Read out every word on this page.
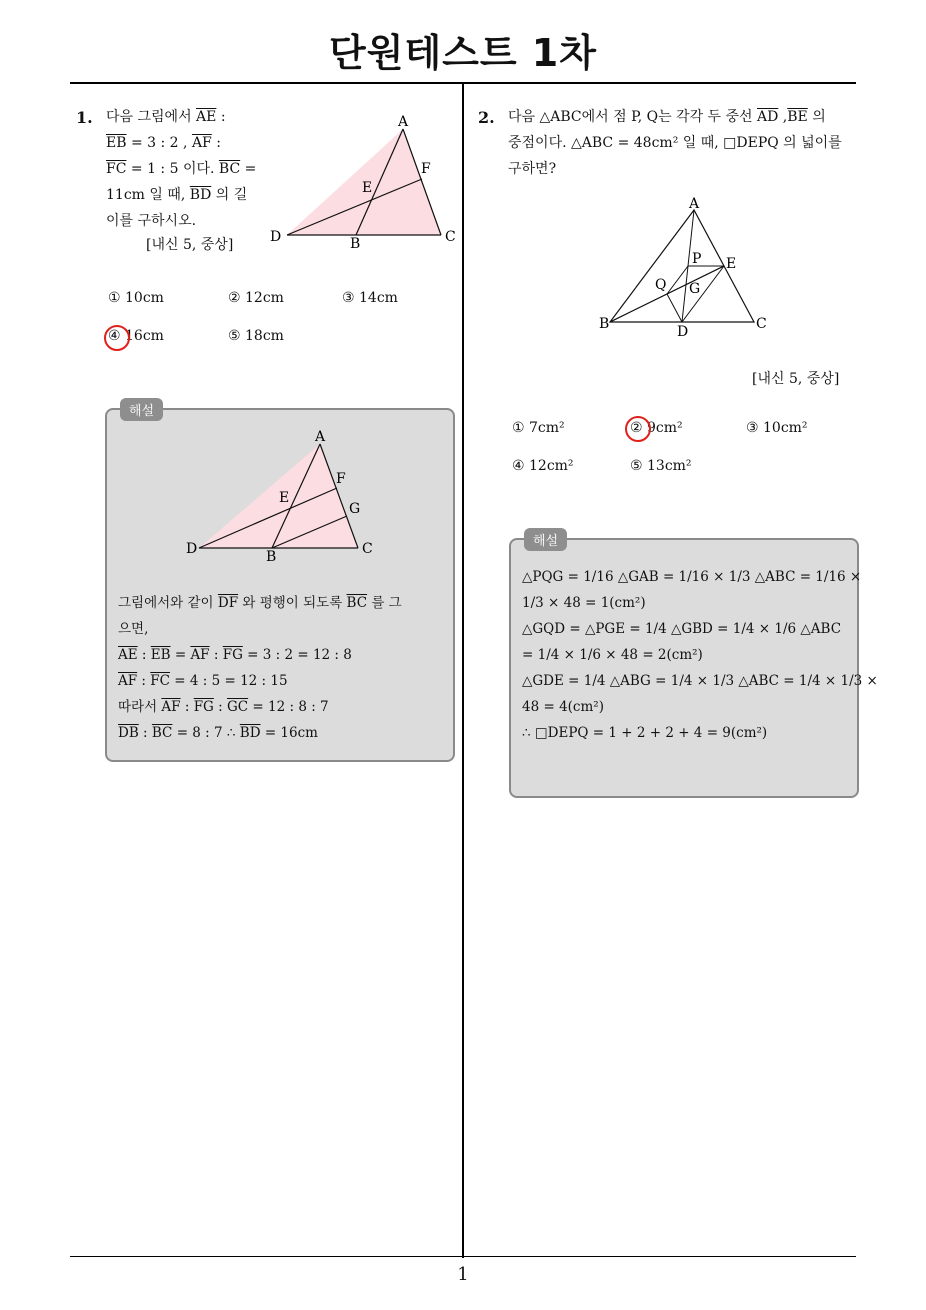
단원테스트 1차
1
1. 다음 그림에서 $\overline{AE}$ :
$\overline{EB} = 3$ : 2 , $\overline{AF}$ :
$\overline{FC} = 1$ : 5 이다. $\overline{BC}$ =
11cm 일 때, $\overline{BD}$ 의 길
이를 구하시오.
[내신 5, 중상]
A
F
E
D	B	C
① 10cm	② 12cm	③ 14cm
④ 16cm	⑤ 18cm
해설
A
F
E
G
D	B	C
그림에서와 같이 $\overline{DF}$ 와 평행이 되도록 $\overline{BC}$ 를 그
으면,
$\overline{AE}$ : $\overline{EB} = \overline{AF}$ : $\overline{FG} = 3$ : 2 = 12 : 8
$\overline{AF}$ : $\overline{FC} = 4$ : 5 = 12 : 15
따라서 $\overline{AF}$ : $\overline{FG}$ : $\overline{GC} = 12$ : 8 : 7
$\overline{DB}$ : $\overline{BC} = 8$ : 7 ∴ $\overline{BD} = 16cm$
2. 다음 △ABC에서 점 P, Q는 각각 두 중선 $\overline{AD}$ $,\overline{BE}$ 의
중점이다. △ABC = 48cm² 일 때, □DEPQ 의 넓이를
구하면?
A
P E
Q G
B	D	C
[내신 5, 중상]
① 7cm²	② 9cm²	③ 10cm²
④ 12cm²	⑤ 13cm²
해설
△PQG = 1/16 △GAB = 1/16 × 1/3 △ABC = 1/16 ×
1/3 × 48 = 1(cm²)
△GQD = △PGE = 1/4 △GBD = 1/4 × 1/6 △ABC
= 1/4 × 1/6 × 48 = 2(cm²)
△GDE = 1/4 △ABG = 1/4 × 1/3 △ABC = 1/4 × 1/3 ×
48 = 4(cm²)
∴ □DEPQ = 1 + 2 + 2 + 4 = 9(cm²)
